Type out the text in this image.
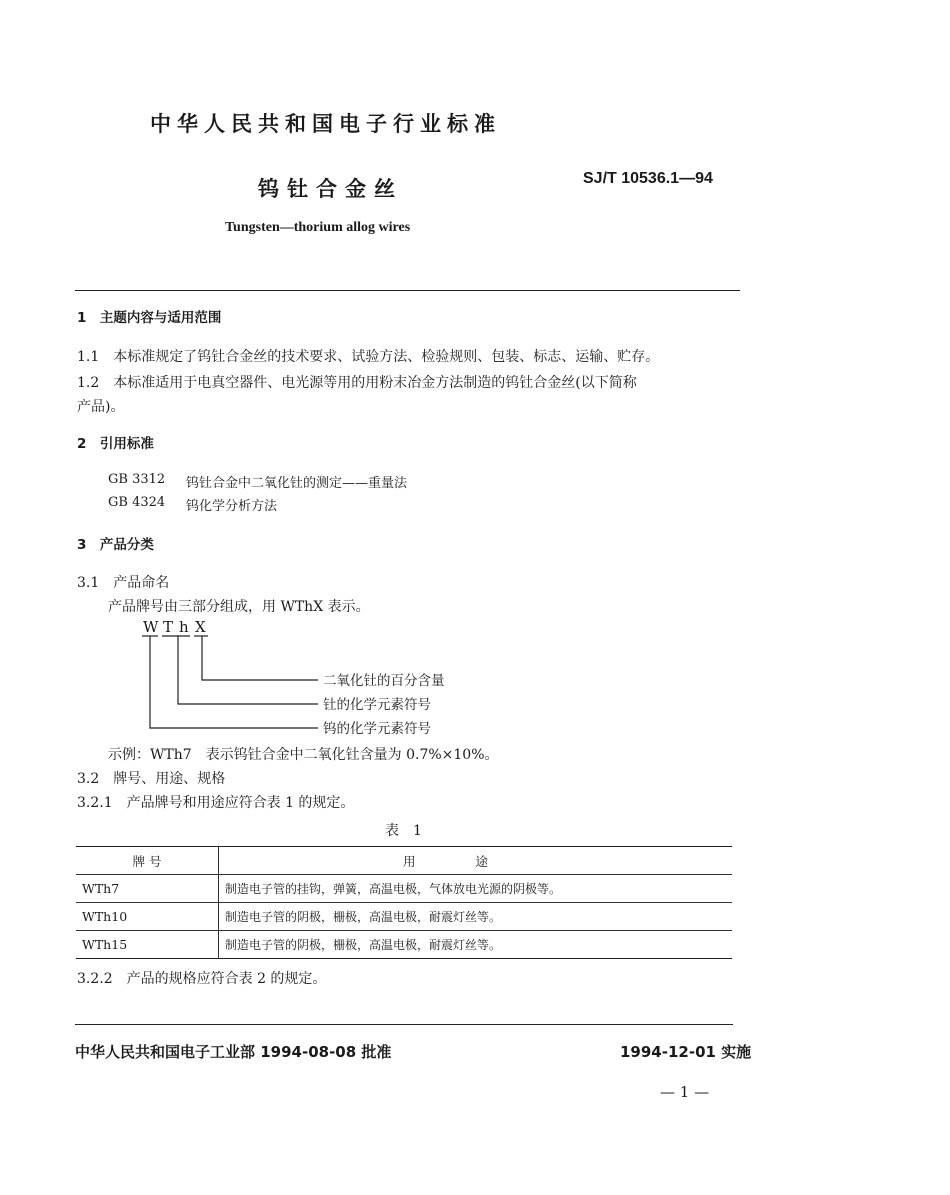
中华人民共和国电子行业标准
钨钍合金丝	SJ/T 10536.1—94
Tungsten—thorium allog wires
1　主题内容与适用范围
1.1　本标准规定了钨钍合金丝的技术要求、试验方法、检验规则、包装、标志、运输、贮存。
1.2　本标准适用于电真空器件、电光源等用的用粉末冶金方法制造的钨钍合金丝(以下简称
产品)。
2　引用标准
GB 3312 钨钍合金中二氧化钍的测定——重量法
GB 4324 钨化学分析方法
3　产品分类
3.1　产品命名
产品牌号由三部分组成，用 WThX 表示。
W T h X
二氧化钍的百分含量
钍的化学元素符号
钨的化学元素符号
示例：WTh7　表示钨钍合金中二氧化钍含量为 0.7%×10%。
3.2　牌号、用途、规格
3.2.1　产品牌号和用途应符合表 1 的规定。
表　1
牌 号	用途
WTh7	制造电子管的挂钩，弹簧，高温电极，气体放电光源的阴极等。
WTh10	制造电子管的阴极，栅极，高温电极，耐震灯丝等。
WTh15	制造电子管的阴极，栅极，高温电极，耐震灯丝等。
3.2.2　产品的规格应符合表 2 的规定。
中华人民共和国电子工业部 1994-08-08 批准	1994-12-01 实施
— 1 —
